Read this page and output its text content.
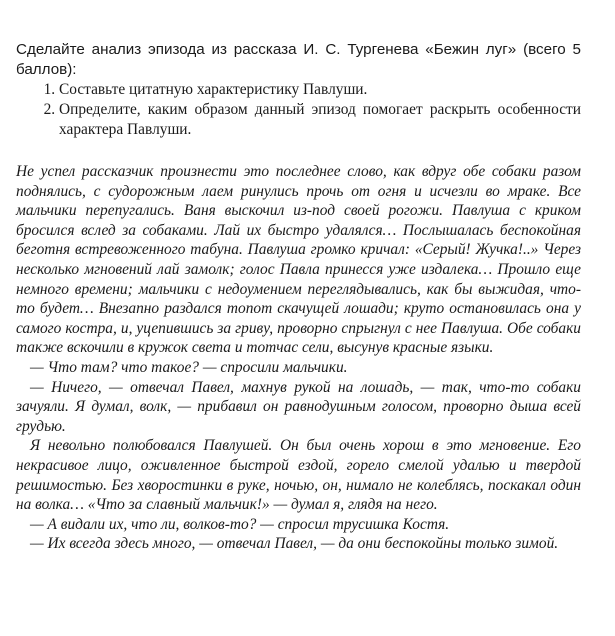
Сделайте анализ эпизода из рассказа И. С. Тургенева «Бежин луг» (всего 5 баллов):

1. Составьте цитатную характеристику Павлуши.
2. Определите, каким образом данный эпизод помогает раскрыть особенности характера Павлуши.

Не успел рассказчик произнести это последнее слово, как вдруг обе собаки разом поднялись, с судорожным лаем ринулись прочь от огня и исчезли во мраке. Все мальчики перепугались. Ваня выскочил из-под своей рогожи. Павлуша с криком бросился вслед за собаками. Лай их быстро удалялся… Послышалась беспокойная беготня встревоженного табуна. Павлуша громко кричал: «Серый! Жучка!..» Через несколько мгновений лай замолк; голос Павла принесся уже издалека… Прошло еще немного времени; мальчики с недоумением переглядывались, как бы выжидая, что-то будет… Внезапно раздался топот скачущей лошади; круто остановилась она у самого костра, и, уцепившись за гриву, проворно спрыгнул с нее Павлуша. Обе собаки также вскочили в кружок света и тотчас сели, высунув красные языки.

— Что там? что такое? — спросили мальчики.

— Ничего, — отвечал Павел, махнув рукой на лошадь, — так, что-то собаки зачуяли. Я думал, волк, — прибавил он равнодушным голосом, проворно дыша всей грудью.

Я невольно полюбовался Павлушей. Он был очень хорош в это мгновение. Его некрасивое лицо, оживленное быстрой ездой, горело смелой удалью и твердой решимостью. Без хворостинки в руке, ночью, он, нимало не колеблясь, поскакал один на волка… «Что за славный мальчик!» — думал я, глядя на него.

— А видали их, что ли, волков-то? — спросил трусишка Костя.

— Их всегда здесь много, — отвечал Павел, — да они беспокойны только зимой.
